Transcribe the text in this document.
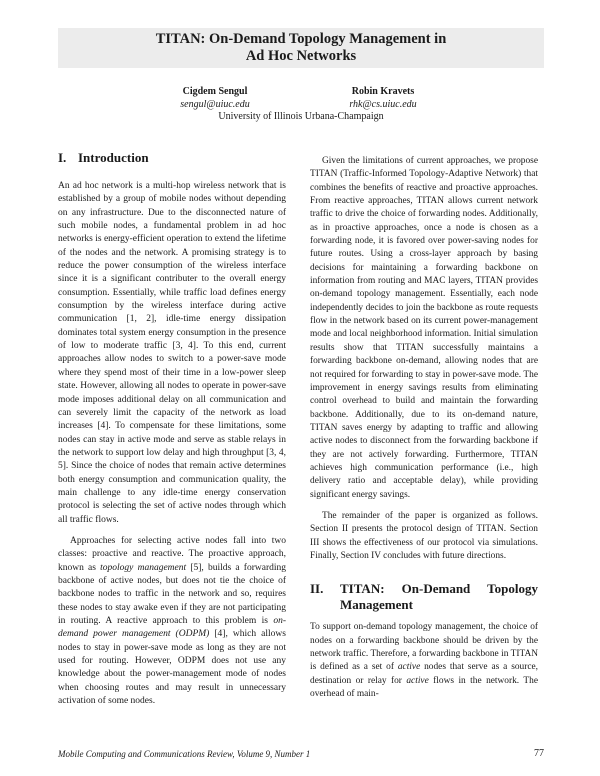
TITAN: On-Demand Topology Management in
Ad Hoc Networks
Cigdem Sengul
sengul@uiuc.edu
Robin Kravets
rhk@cs.uiuc.edu
University of Illinois Urbana-Champaign
I. Introduction

An ad hoc network is a multi-hop wireless network that is established by a group of mobile nodes without depending on any infrastructure. Due to the disconnected nature of such mobile nodes, a fundamental problem in ad hoc networks is energy-efficient operation to extend the lifetime of the nodes and the network. A promising strategy is to reduce the power consumption of the wireless interface since it is a significant contributer to the overall energy consumption. Essentially, while traffic load defines energy consumption by the wireless interface during active communication [1, 2], idle-time energy dissipation dominates total system energy consumption in the presence of low to moderate traffic [3, 4]. To this end, current approaches allow nodes to switch to a power-save mode where they spend most of their time in a low-power sleep state. However, allowing all nodes to operate in power-save mode imposes additional delay on all communication and can severely limit the capacity of the network as load increases [4]. To compensate for these limitations, some nodes can stay in active mode and serve as stable relays in the network to support low delay and high throughput [3, 4, 5]. Since the choice of nodes that remain active determines both energy consumption and communication quality, the main challenge to any idle-time energy conservation protocol is selecting the set of active nodes through which all traffic flows.

Approaches for selecting active nodes fall into two classes: proactive and reactive. The proactive approach, known as topology management [5], builds a forwarding backbone of active nodes, but does not tie the choice of backbone nodes to traffic in the network and so, requires these nodes to stay awake even if they are not participating in routing. A reactive approach to this problem is on-demand power management (ODPM) [4], which allows nodes to stay in power-save mode as long as they are not used for routing. However, ODPM does not use any knowledge about the power-management mode of nodes when choosing routes and may result in unnecessary activation of some nodes.

Given the limitations of current approaches, we propose TITAN (Traffic-Informed Topology-Adaptive Network) that combines the benefits of reactive and proactive approaches. From reactive approaches, TITAN allows current network traffic to drive the choice of forwarding nodes. Additionally, as in proactive approaches, once a node is chosen as a forwarding node, it is favored over power-saving nodes for future routes. Using a cross-layer approach by basing decisions for maintaining a forwarding backbone on information from routing and MAC layers, TITAN provides on-demand topology management. Essentially, each node independently decides to join the backbone as route requests flow in the network based on its current power-management mode and local neighborhood information. Initial simulation results show that TITAN successfully maintains a forwarding backbone on-demand, allowing nodes that are not required for forwarding to stay in power-save mode. The improvement in energy savings results from eliminating control overhead to build and maintain the forwarding backbone. Additionally, due to its on-demand nature, TITAN saves energy by adapting to traffic and allowing active nodes to disconnect from the forwarding backbone if they are not actively forwarding. Furthermore, TITAN achieves high communication performance (i.e., high delivery ratio and acceptable delay), while providing significant energy savings.

The remainder of the paper is organized as follows. Section II presents the protocol design of TITAN. Section III shows the effectiveness of our protocol via simulations. Finally, Section IV concludes with future directions.

II.	TITAN: On-Demand Topology Management

To support on-demand topology management, the choice of nodes on a forwarding backbone should be driven by the network traffic. Therefore, a forwarding backbone in TITAN is defined as a set of active nodes that serve as a source, destination or relay for active flows in the network. The overhead of main-

Mobile Computing and Communications Review, Volume 9, Number 1	77
